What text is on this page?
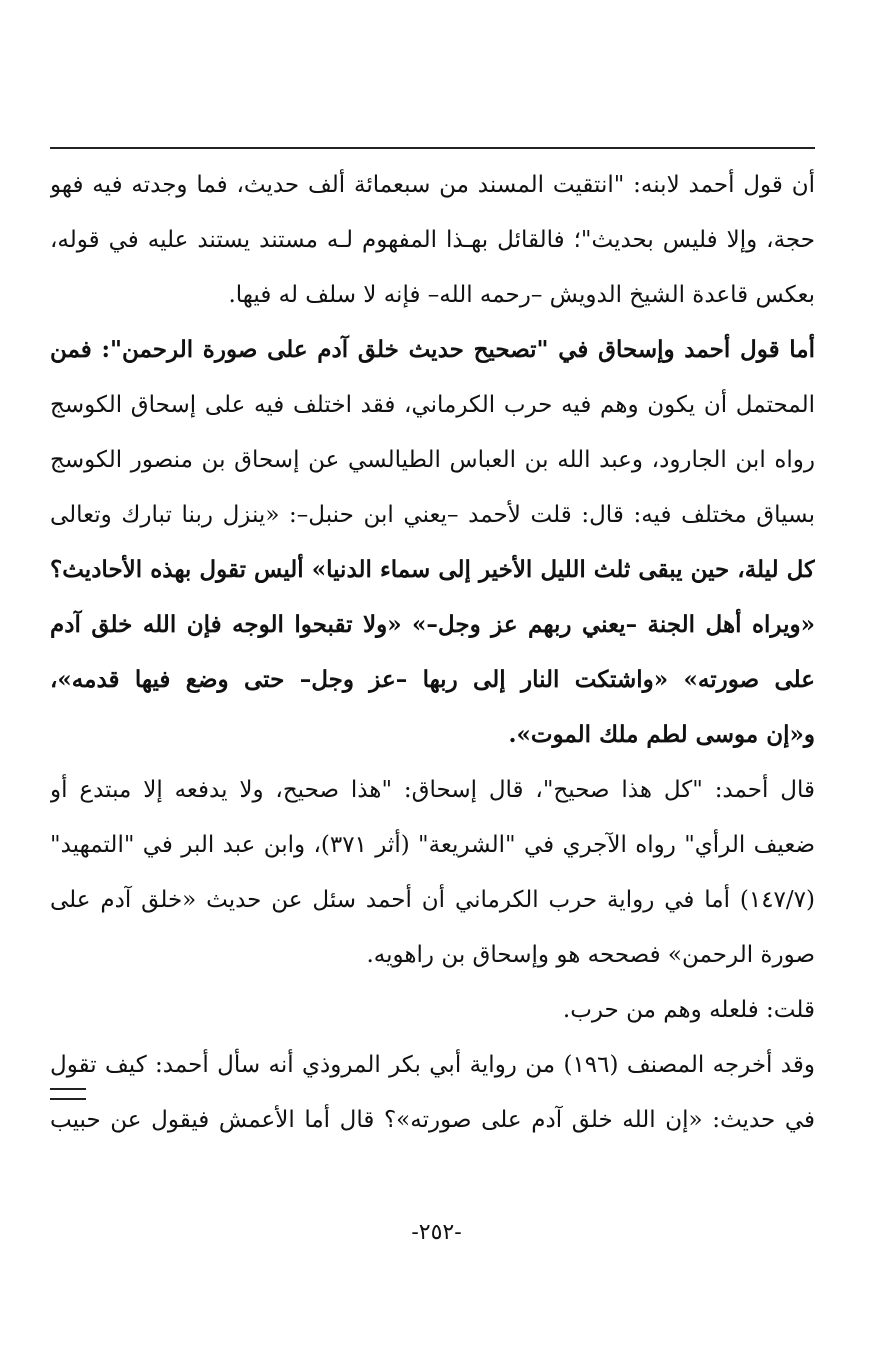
أن قول أحمد لابنه: "انتقيت المسند من سبعمائة ألف حديث، فما وجدته فيه فهو
حجة، وإلا فليس بحديث"؛ فالقائل بهـذا المفهوم لـه مستند يستند عليه في قوله،
بعكس قاعدة الشيخ الدويش –رحمه الله– فإنه لا سلف له فيها.
أما قول أحمد وإسحاق في "تصحيح حديث خلق آدم على صورة الرحمن": فمن
المحتمل أن يكون وهم فيه حرب الكرماني، فقد اختلف فيه على إسحاق الكوسج
رواه ابن الجارود، وعبد الله بن العباس الطيالسي عن إسحاق بن منصور الكوسج
بسياق مختلف فيه: قال: قلت لأحمد –يعني ابن حنبل–: «ينزل ربنا تبارك وتعالى
كل ليلة، حين يبقى ثلث الليل الأخير إلى سماء الدنيا» أليس تقول بهذه الأحاديث؟
«ويراه أهل الجنة –يعني ربهم عز وجل–» «ولا تقبحوا الوجه فإن الله خلق آدم
على صورته» «واشتكت النار إلى ربها –عز وجل– حتى وضع فيها قدمه»،
و«إن موسى لطم ملك الموت».
قال أحمد: "كل هذا صحيح"، قال إسحاق: "هذا صحيح، ولا يدفعه إلا مبتدع أو
ضعيف الرأي" رواه الآجري في "الشريعة" (أثر ٣٧١)، وابن عبد البر في "التمهيد"
(١٤٧/٧) أما في رواية حرب الكرماني أن أحمد سئل عن حديث «خلق آدم على
صورة الرحمن» فصححه هو وإسحاق بن راهويه.
قلت: فلعله وهم من حرب.
وقد أخرجه المصنف (١٩٦) من رواية أبي بكر المروذي أنه سأل أحمد: كيف تقول
في حديث: «إن الله خلق آدم على صورته»؟ قال أما الأعمش فيقول عن حبيب
-٢٥٢-
